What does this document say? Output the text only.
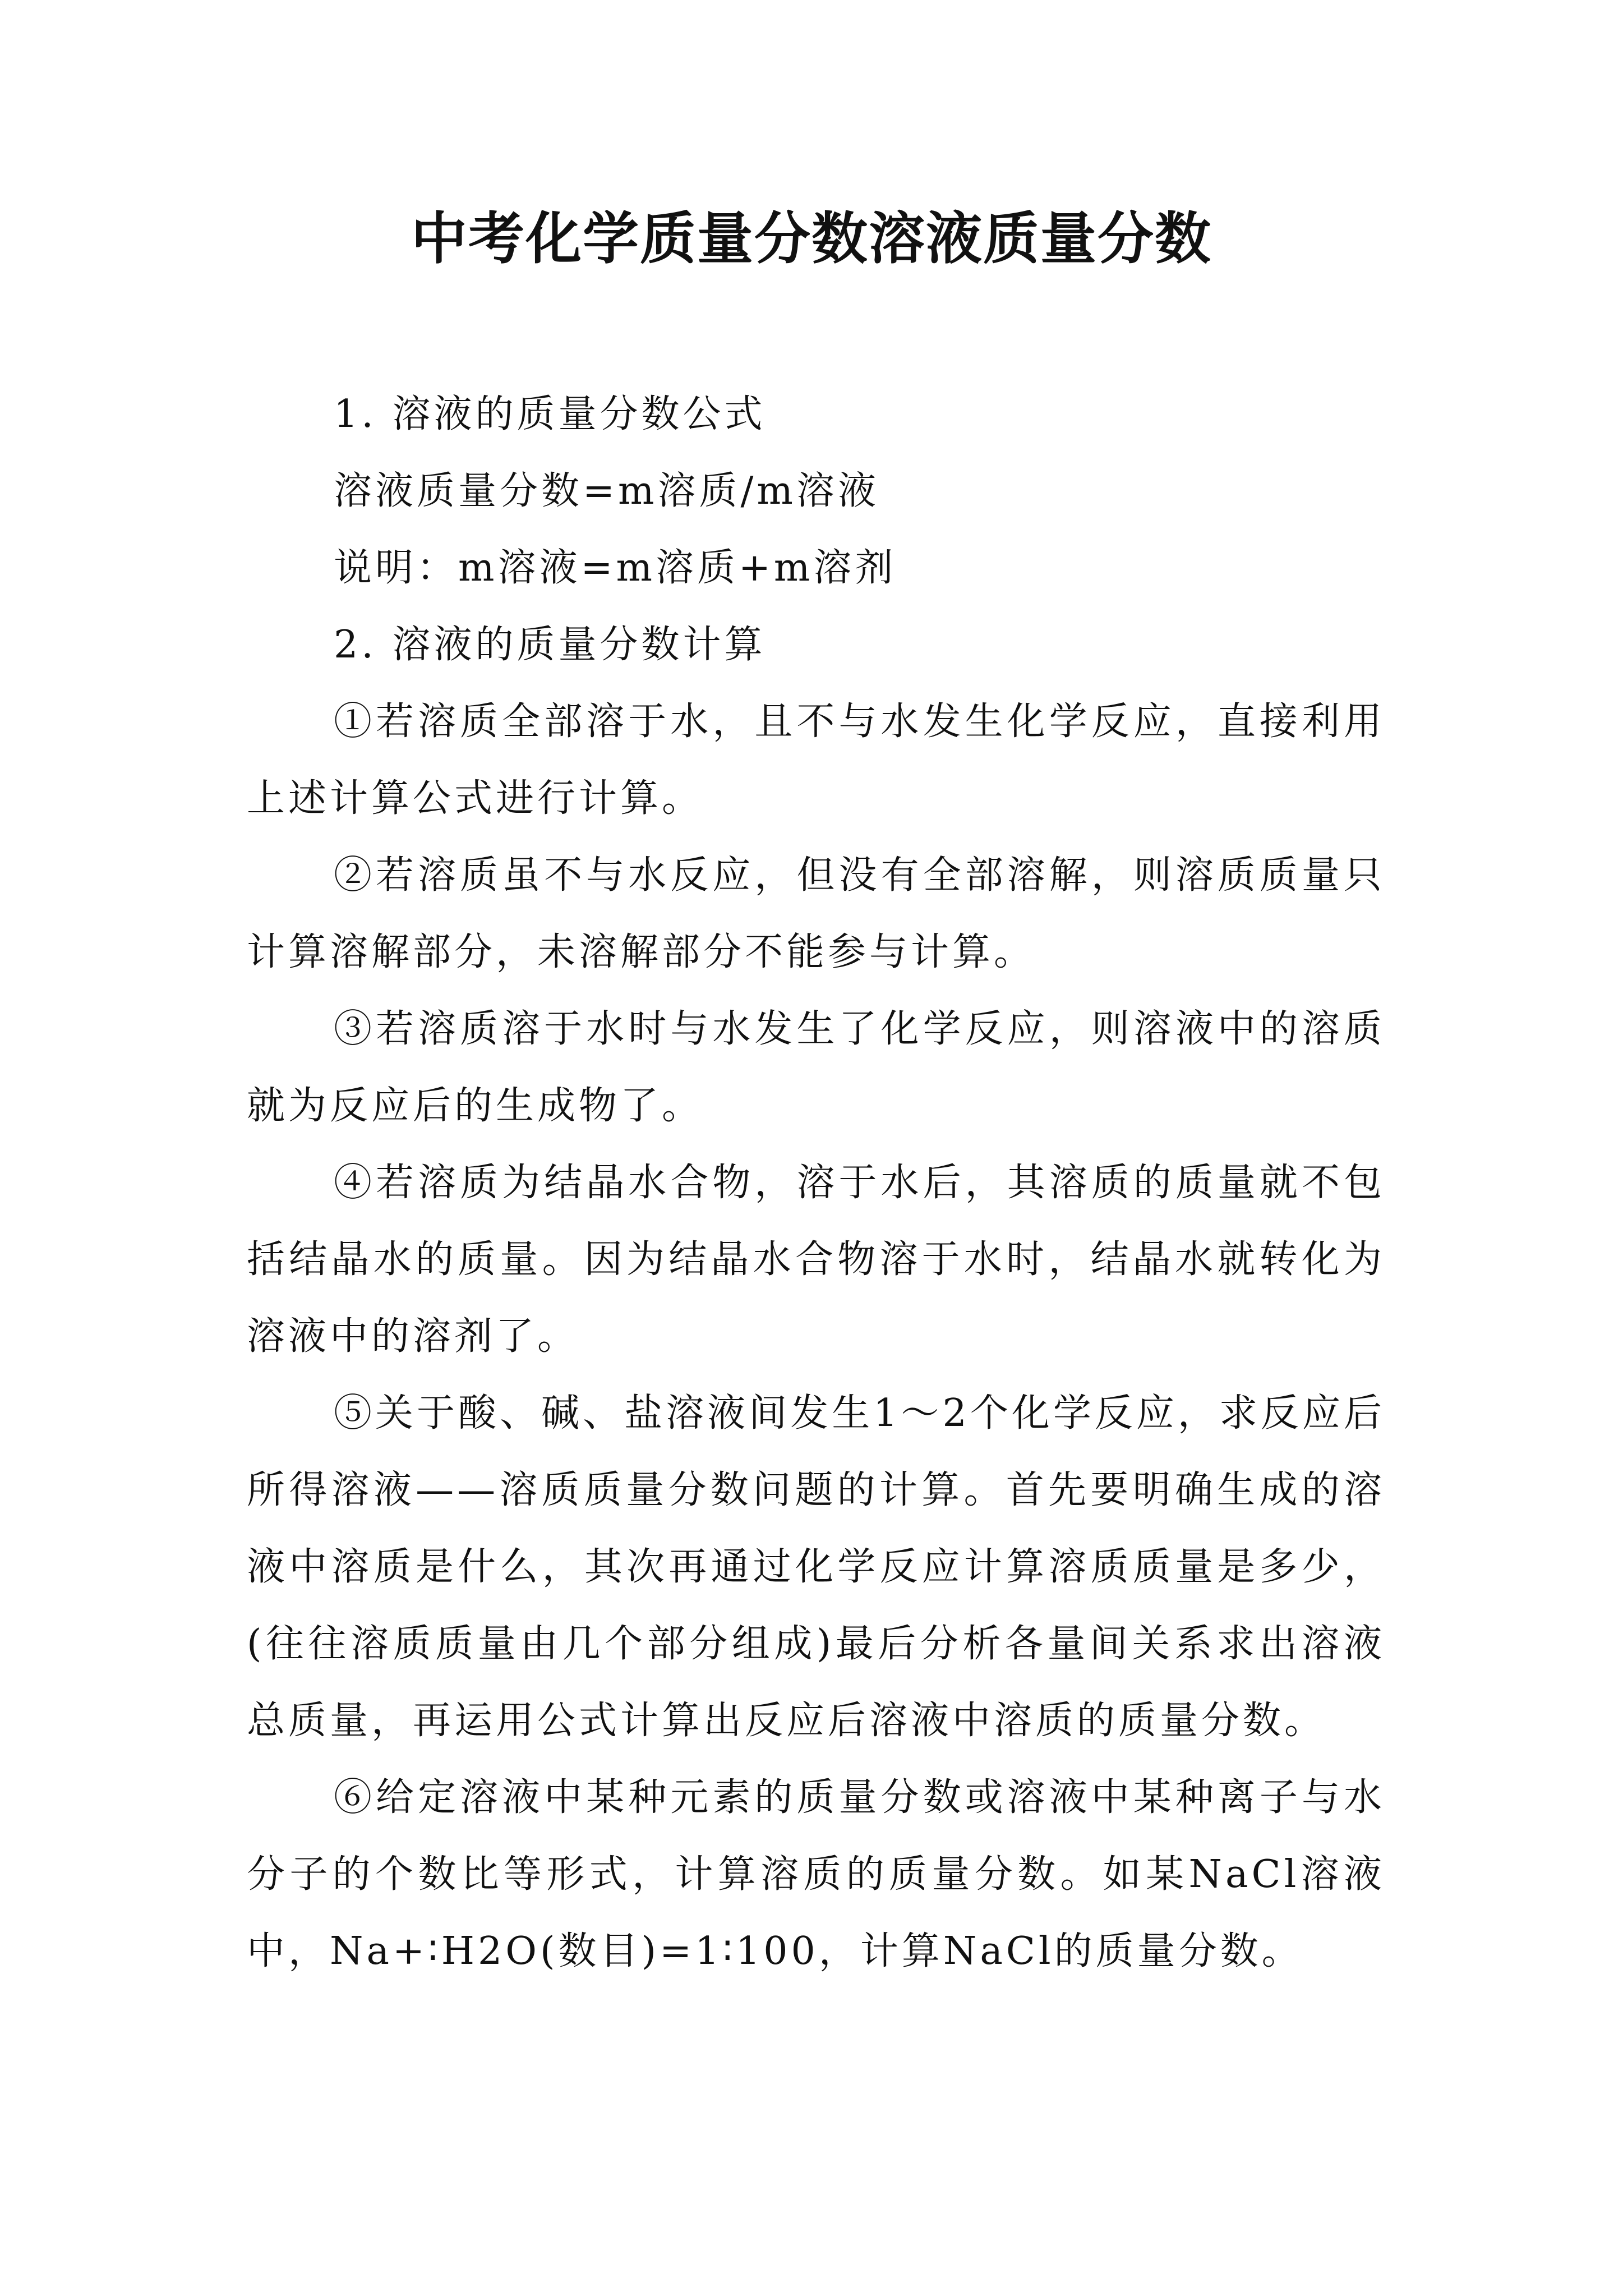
中考化学质量分数溶液质量分数

1. 溶液的质量分数公式

溶液质量分数=m溶质/m溶液

说明：m溶液=m溶质+m溶剂

2. 溶液的质量分数计算

①若溶质全部溶于水，且不与水发生化学反应，直接利用上述计算公式进行计算。

②若溶质虽不与水反应，但没有全部溶解，则溶质质量只计算溶解部分，未溶解部分不能参与计算。

③若溶质溶于水时与水发生了化学反应，则溶液中的溶质就为反应后的生成物了。

④若溶质为结晶水合物，溶于水后，其溶质的质量就不包括结晶水的质量。因为结晶水合物溶于水时，结晶水就转化为溶液中的溶剂了。

⑤关于酸、碱、盐溶液间发生1～2个化学反应，求反应后所得溶液——溶质质量分数问题的计算。首先要明确生成的溶液中溶质是什么，其次再通过化学反应计算溶质质量是多少，(往往溶质质量由几个部分组成)最后分析各量间关系求出溶液总质量，再运用公式计算出反应后溶液中溶质的质量分数。

⑥给定溶液中某种元素的质量分数或溶液中某种离子与水分子的个数比等形式，计算溶质的质量分数。如某NaCl溶液中，Na+∶H2O(数目)=1∶100，计算NaCl的质量分数。
